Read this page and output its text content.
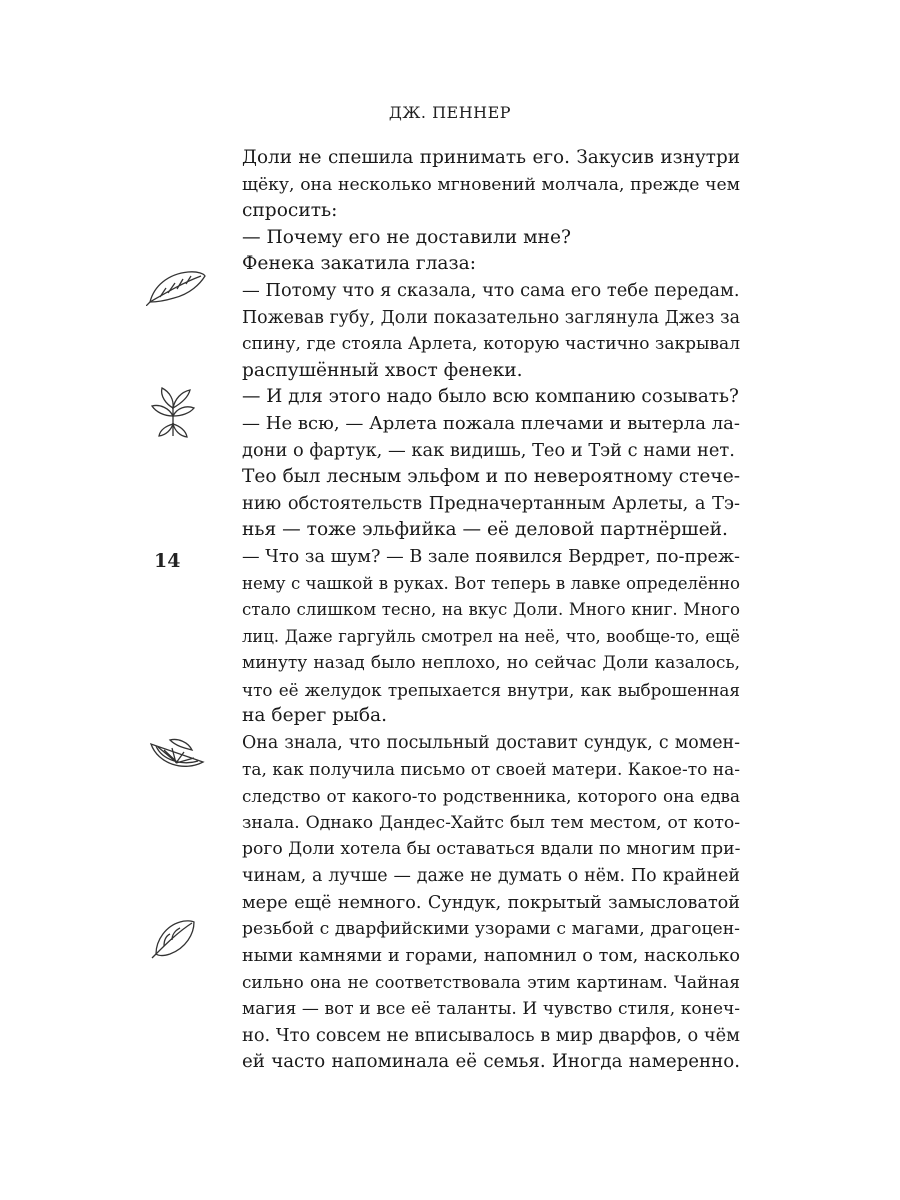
ДЖ. ПЕННЕР
14
Доли не спешила принимать его. Закусив изнутри
щёку, она несколько мгновений молчала, прежде чем
спросить:
— Почему его не доставили мне?
Фенека закатила глаза:
— Потому что я сказала, что сама его тебе передам.
Пожевав губу, Доли показательно заглянула Джез за
спину, где стояла Арлета, которую частично закрывал
распушённый хвост фенеки.
— И для этого надо было всю компанию созывать?
— Не всю, — Арлета пожала плечами и вытерла ла-
дони о фартук, — как видишь, Тео и Тэй с нами нет.
Тео был лесным эльфом и по невероятному стече-
нию обстоятельств Предначертанным Арлеты, а Тэ-
нья — тоже эльфийка — её деловой партнёршей.
— Что за шум? — В зале появился Вердрет, по-преж-
нему с чашкой в руках. Вот теперь в лавке определённо
стало слишком тесно, на вкус Доли. Много книг. Много
лиц. Даже гаргуйль смотрел на неё, что, вообще-то, ещё
минуту назад было неплохо, но сейчас Доли казалось,
что её желудок трепыхается внутри, как выброшенная
на берег рыба.
Она знала, что посыльный доставит сундук, с момен-
та, как получила письмо от своей матери. Какое-то на-
следство от какого-то родственника, которого она едва
знала. Однако Дандес-Хайтс был тем местом, от кото-
рого Доли хотела бы оставаться вдали по многим при-
чинам, а лучше — даже не думать о нём. По крайней
мере ещё немного. Сундук, покрытый замысловатой
резьбой с дварфийскими узорами с магами, драгоцен-
ными камнями и горами, напомнил о том, насколько
сильно она не соответствовала этим картинам. Чайная
магия — вот и все её таланты. И чувство стиля, конеч-
но. Что совсем не вписывалось в мир дварфов, о чём
ей часто напоминала её семья. Иногда намеренно.
